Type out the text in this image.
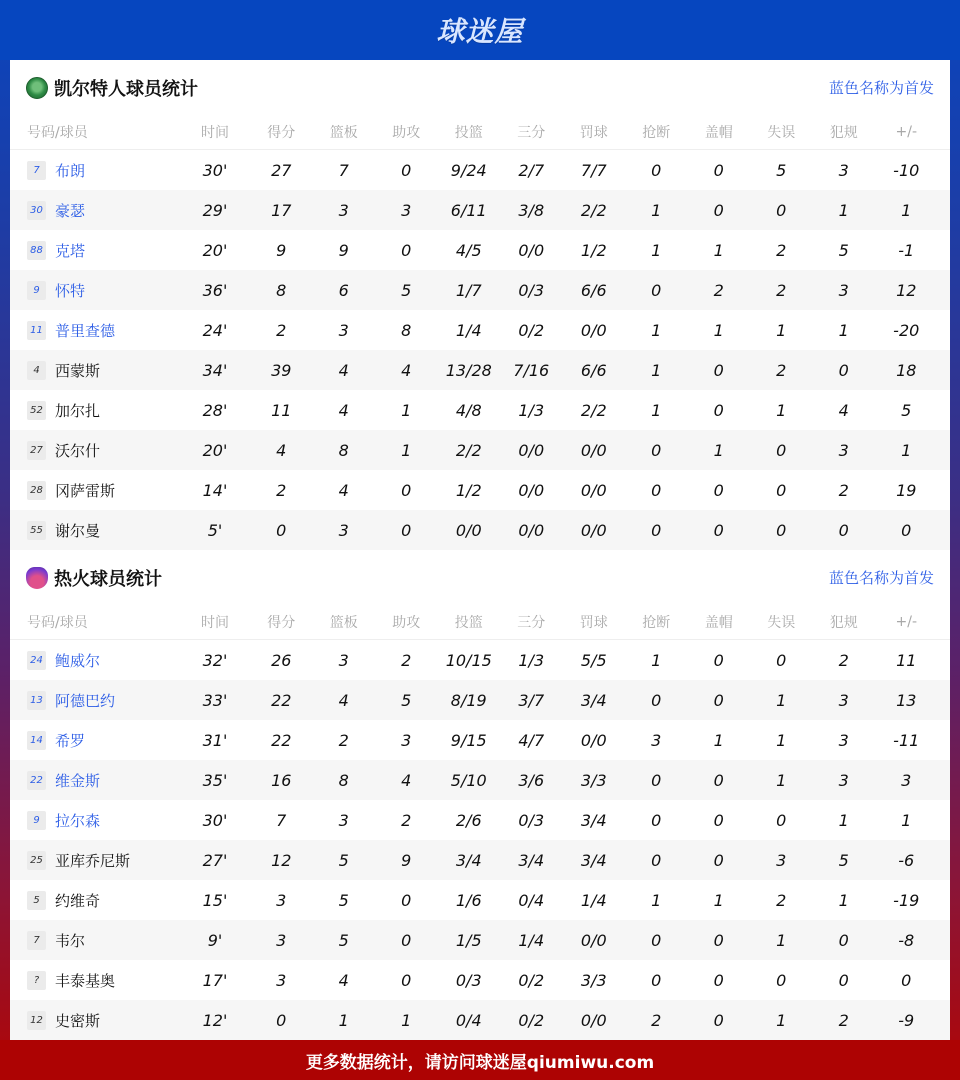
球迷屋
凯尔特人球员统计	蓝色名称为首发
号码/球员	时间	得分	篮板	助攻	投篮	三分	罚球	抢断	盖帽	失误	犯规	+/-
7	布朗	30'	27	7	0	9/24	2/7	7/7	0	0	5	3	-10
30 豪瑟	29'	17	3	3	6/11	3/8	2/2	1	0	0	1	1
88 克塔	20'	9	9	0	4/5	0/0	1/2	1	1	2	5	-1
9	怀特	36'	8	6	5	1/7	0/3	6/6	0	2	2	3	12
11 普里查德	24'	2	3	8	1/4	0/2	0/0	1	1	1	1	-20
4	西蒙斯	34'	39	4	4	13/28	7/16	6/6	1	0	2	0	18
52 加尔扎	28'	11	4	1	4/8	1/3	2/2	1	0	1	4	5
27 沃尔什	20'	4	8	1	2/2	0/0	0/0	0	1	0	3	1
28 冈萨雷斯	14'	2	4	0	1/2	0/0	0/0	0	0	0	2	19
55 谢尔曼	5'	0	3	0	0/0	0/0	0/0	0	0	0	0	0
热火球员统计	蓝色名称为首发
号码/球员	时间	得分	篮板	助攻	投篮	三分	罚球	抢断	盖帽	失误	犯规	+/-
24 鲍威尔	32'	26	3	2	10/15	1/3	5/5	1	0	0	2	11
13 阿德巴约	33'	22	4	5	8/19	3/7	3/4	0	0	1	3	13
14 希罗	31'	22	2	3	9/15	4/7	0/0	3	1	1	3	-11
22 维金斯	35'	16	8	4	5/10	3/6	3/3	0	0	1	3	3
9	拉尔森	30'	7	3	2	2/6	0/3	3/4	0	0	0	1	1
25 亚库乔尼斯	27'	12	5	9	3/4	3/4	3/4	0	0	3	5	-6
5	约维奇	15'	3	5	0	1/6	0/4	1/4	1	1	2	1	-19
7	韦尔	9'	3	5	0	1/5	1/4	0/0	0	0	1	0	-8
?	丰泰基奥	17'	3	4	0	0/3	0/2	3/3	0	0	0	0	0
12 史密斯	12'	0	1	1	0/4	0/2	0/0	2	0	1	2	-9
更多数据统计，请访问球迷屋qiumiwu.com
